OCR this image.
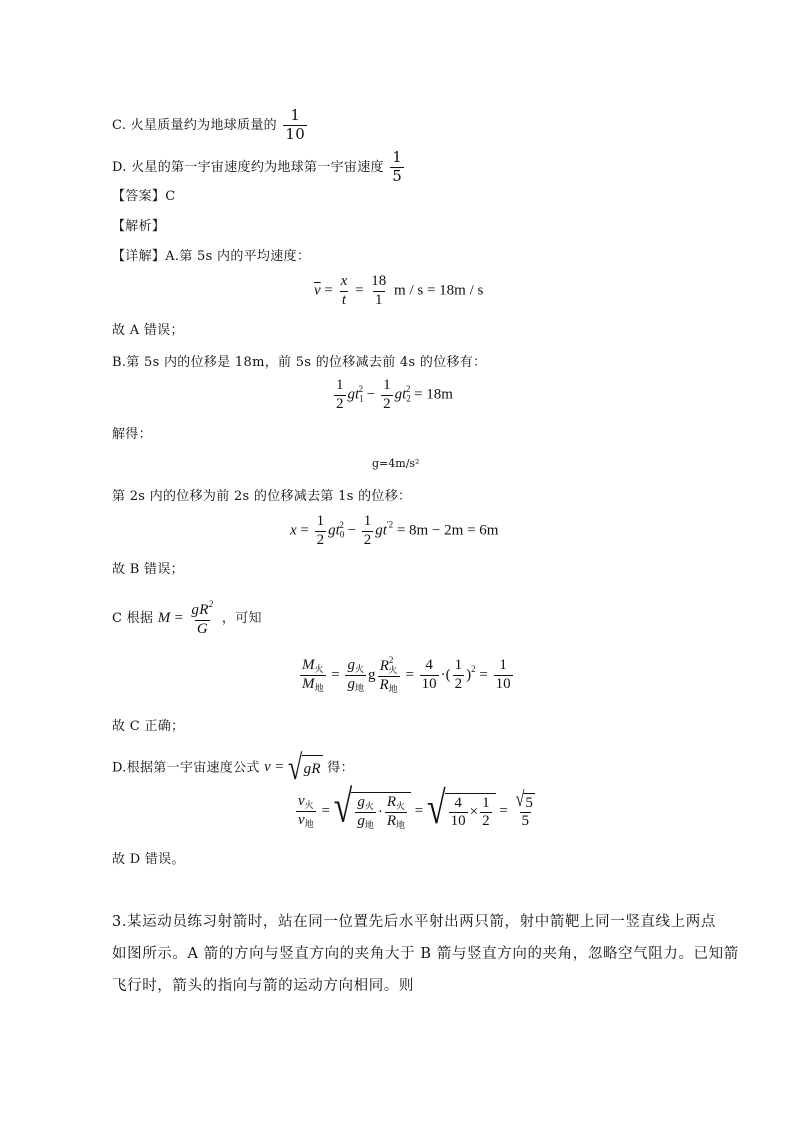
C. 火星质量约为地球质量的 $\frac{1}{10}$
D. 火星的第一宇宙速度约为地球第一宇宙速度 $\frac{1}{5}$
【答案】C
【解析】
【详解】A.第 5s 内的平均速度：
$\overline{v} = \frac{x}{t} = \frac{18}{1}$ m / s = 18m / s
故 A 错误；
B.第 5s 内的位移是 18m，前 5s 的位移减去前 4s 的位移有：
$\frac{1}{2} gt_1^2 - \frac{1}{2} gt_2^2 = 18m$
解得：
g=4m/s²
第 2s 内的位移为前 2s 的位移减去第 1s 的位移：
$x = \frac{1}{2} gt_0^2 - \frac{1}{2} gt^{'2} = 8m - 2m = 6m$
故 B 错误；
C 根据 $M = \frac{gR^2}{G}$ ，可知
$\frac{M_火}{M_地} = \frac{g_火}{g_地}$ g $\frac{R^2_火}{R_地} = \frac{4}{10}$ ·( $\frac{1}{2} )^2 = \frac{1}{10}$
故 C 正确；
D.根据第一宇宙速度公式 v = √ gR 得：
$\frac{v_火}{v_地}$ = √ $\frac{g_火}{g_地} \cdot \frac{R_火}{R_地}$ = √ $\frac{4}{10} \times \frac{1}{2} = \frac{√ 5}{5}$
故 D 错误。
3.某运动员练习射箭时，站在同一位置先后水平射出两只箭，射中箭靶上同一竖直线上两点
如图所示。A 箭的方向与竖直方向的夹角大于 B 箭与竖直方向的夹角，忽略空气阻力。已知箭
飞行时，箭头的指向与箭的运动方向相同。则
